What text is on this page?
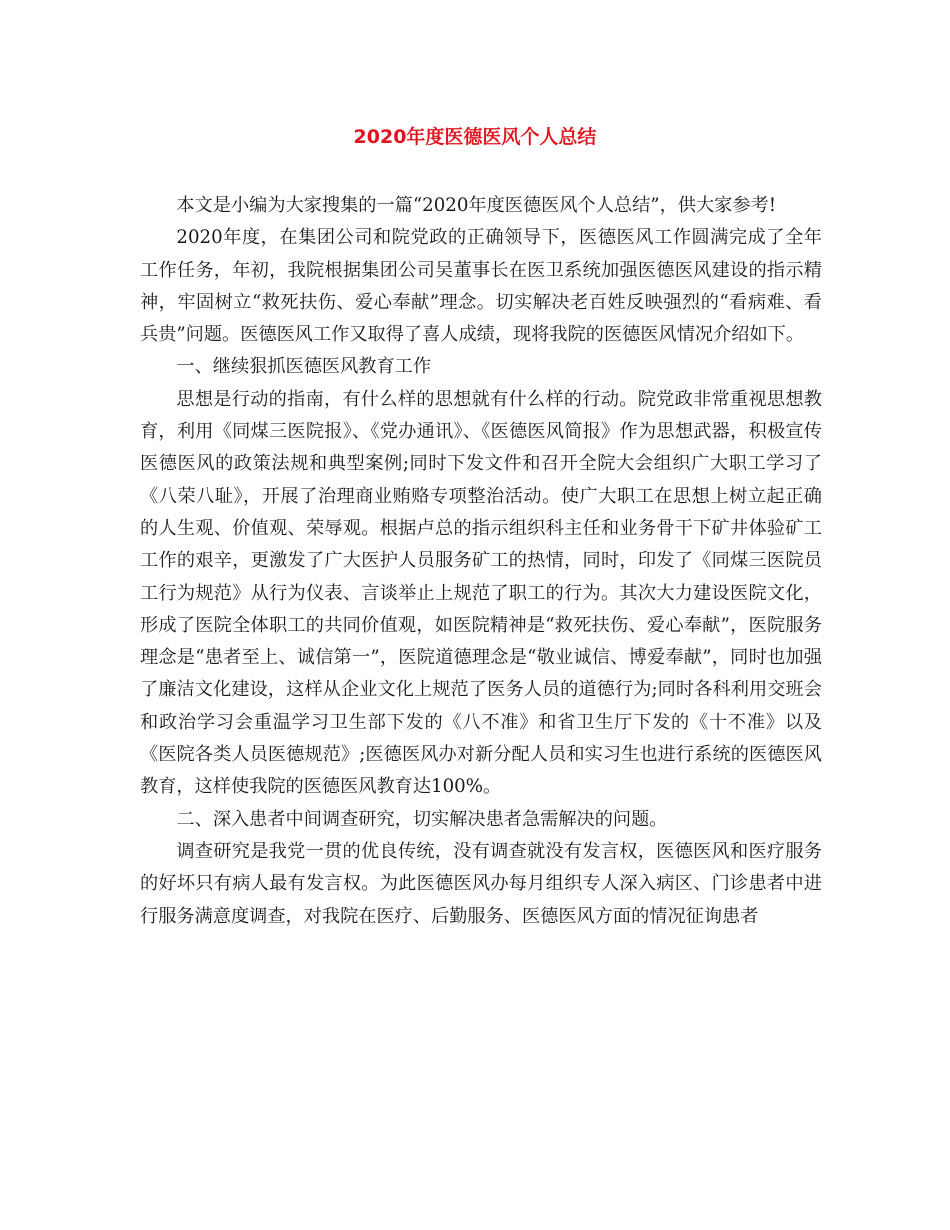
2020年度医德医风个人总结

本文是小编为大家搜集的一篇“2020年度医德医风个人总结”，供大家参考!

2020年度，在集团公司和院党政的正确领导下，医德医风工作圆满完成了全年工作任务，年初，我院根据集团公司吴董事长在医卫系统加强医德医风建设的指示精神，牢固树立“救死扶伤、爱心奉献”理念。切实解决老百姓反映强烈的“看病难、看兵贵”问题。医德医风工作又取得了喜人成绩，现将我院的医德医风情况介绍如下。

一、继续狠抓医德医风教育工作

思想是行动的指南，有什么样的思想就有什么样的行动。院党政非常重视思想教育，利用《同煤三医院报》、《党办通讯》、《医德医风简报》作为思想武器，积极宣传医德医风的政策法规和典型案例;同时下发文件和召开全院大会组织广大职工学习了《八荣八耻》，开展了治理商业贿赂专项整治活动。使广大职工在思想上树立起正确的人生观、价值观、荣辱观。根据卢总的指示组织科主任和业务骨干下矿井体验矿工工作的艰辛，更激发了广大医护人员服务矿工的热情，同时，印发了《同煤三医院员工行为规范》从行为仪表、言谈举止上规范了职工的行为。其次大力建设医院文化，形成了医院全体职工的共同价值观，如医院精神是“救死扶伤、爱心奉献”，医院服务理念是“患者至上、诚信第一”，医院道德理念是“敬业诚信、博爱奉献”，同时也加强了廉洁文化建设，这样从企业文化上规范了医务人员的道德行为;同时各科利用交班会和政治学习会重温学习卫生部下发的《八不准》和省卫生厅下发的《十不准》以及《医院各类人员医德规范》;医德医风办对新分配人员和实习生也进行系统的医德医风教育，这样使我院的医德医风教育达100%。

二、深入患者中间调查研究，切实解决患者急需解决的问题。

调查研究是我党一贯的优良传统，没有调查就没有发言权，医德医风和医疗服务的好坏只有病人最有发言权。为此医德医风办每月组织专人深入病区、门诊患者中进行服务满意度调查，对我院在医疗、后勤服务、医德医风方面的情况征询患者
